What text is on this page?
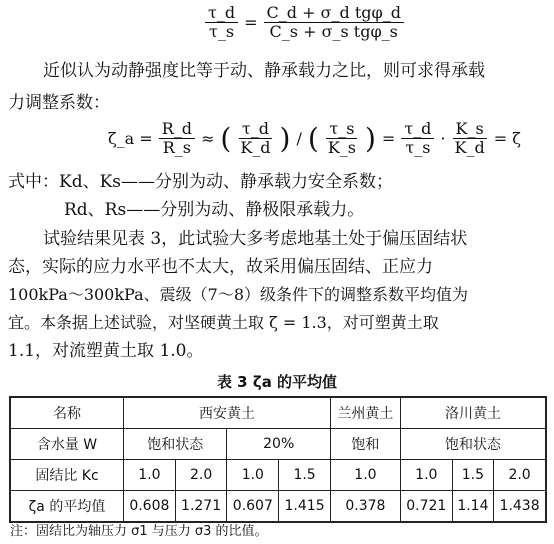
$\frac{\tau\_d}{\tau\_s} = \frac{\text{C\_d + σ\_d tgφ\_d}}{\text{C\_s + σ\_s tgφ\_s}}$
近似认为动静强度比等于动、静承载力之比，则可求得承载
力调整系数：
ζ_a = $\frac{R\_d}{R\_s}$ ≈ ( $\frac{\tau\_d}{K\_d}$ ) / ( $\frac{\tau\_s}{K\_s}$ ) = $\frac{\tau\_d}{\tau\_s} \cdot \frac{K\_s}{K\_d} = \zeta$
式中：Kd、Ks——分别为动、静承载力安全系数；
Rd、Rs——分别为动、静极限承载力。
试验结果见表 3，此试验大多考虑地基土处于偏压固结状
态，实际的应力水平也不太大，故采用偏压固结、正应力
100kPa～300kPa、震级（7～8）级条件下的调整系数平均值为
宜。本条据上述试验，对坚硬黄土取 ζ = 1.3，对可塑黄土取
1.1，对流塑黄土取 1.0。
表 3 ζa 的平均值
名称	西安黄土				兰州黄土	洛川黄土		
含水量 W	饱和状态		20%		饱和	饱和状态		
固结比 Kc	1.0	2.0	1.0	1.5	1.0	1.0	1.5	2.0
ζa 的平均值	0.608	1.271	0.607	1.415	0.378	0.721	1.14	1.438
注：固结比为轴压力 σ1 与压力 σ3 的比值。
